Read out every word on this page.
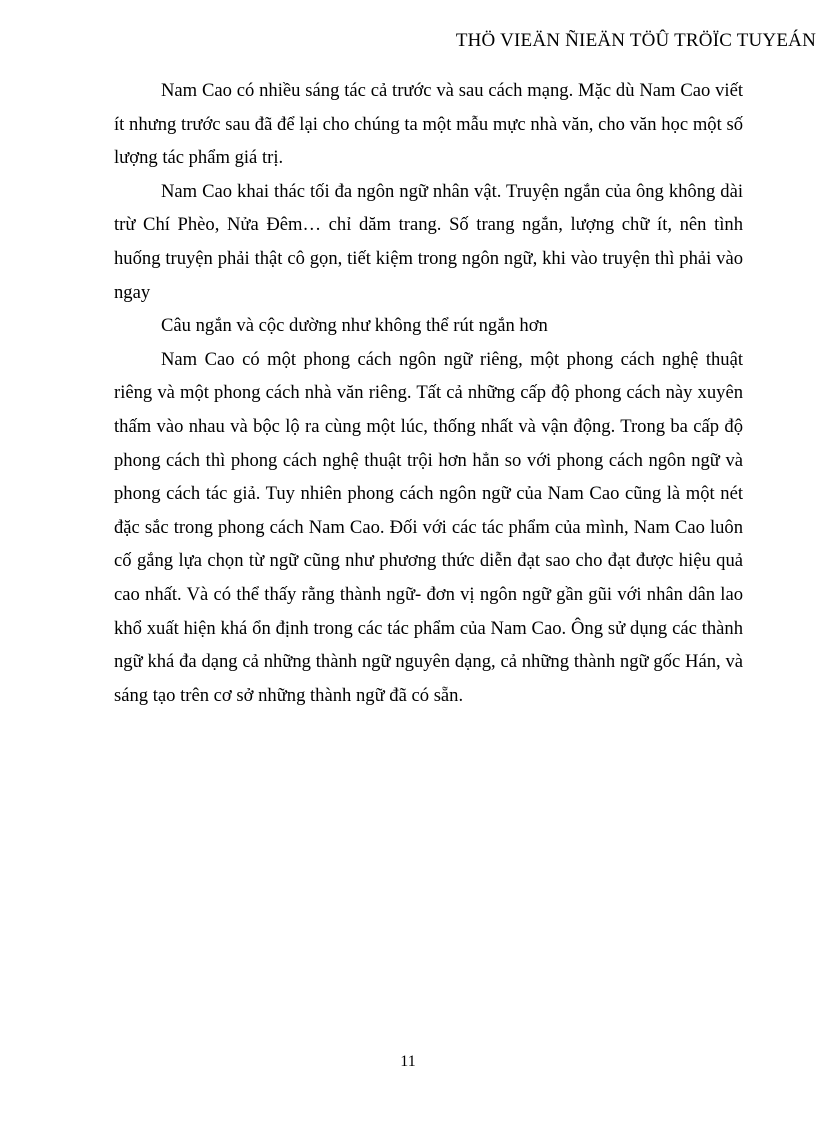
THÖ VIEÄN ÑIEÄN TÖÛ TRÖÏC TUYEÁN

Nam Cao có nhiều sáng tác cả trước và sau cách mạng. Mặc dù Nam Cao viết ít nhưng trước sau đã để lại cho chúng ta một mẫu mực nhà văn, cho văn học một số lượng tác phẩm giá trị.

Nam Cao khai thác tối đa ngôn ngữ nhân vật. Truyện ngắn của ông không dài trừ Chí Phèo, Nửa Đêm… chỉ dăm trang. Số trang ngắn, lượng chữ ít, nên tình huống truyện phải thật cô gọn, tiết kiệm trong ngôn ngữ, khi vào truyện thì phải vào ngay

Câu ngắn và cộc dường như không thể rút ngắn hơn

Nam Cao có một phong cách ngôn ngữ riêng, một phong cách nghệ thuật riêng và một phong cách nhà văn riêng. Tất cả những cấp độ phong cách này xuyên thấm vào nhau và bộc lộ ra cùng một lúc, thống nhất và vận động. Trong ba cấp độ phong cách thì phong cách nghệ thuật trội hơn hẳn so với phong cách ngôn ngữ và phong cách tác giả. Tuy nhiên phong cách ngôn ngữ của Nam Cao cũng là một nét đặc sắc trong phong cách Nam Cao. Đối với các tác phẩm của mình, Nam Cao luôn cố gắng lựa chọn từ ngữ cũng như phương thức diễn đạt sao cho đạt được hiệu quả cao nhất. Và có thể thấy rằng thành ngữ- đơn vị ngôn ngữ gần gũi với nhân dân lao khổ xuất hiện khá ổn định trong các tác phẩm của Nam Cao. Ông sử dụng các thành ngữ khá đa dạng cả những thành ngữ nguyên dạng, cả những thành ngữ gốc Hán, và sáng tạo trên cơ sở những thành ngữ đã có sẵn.

11
